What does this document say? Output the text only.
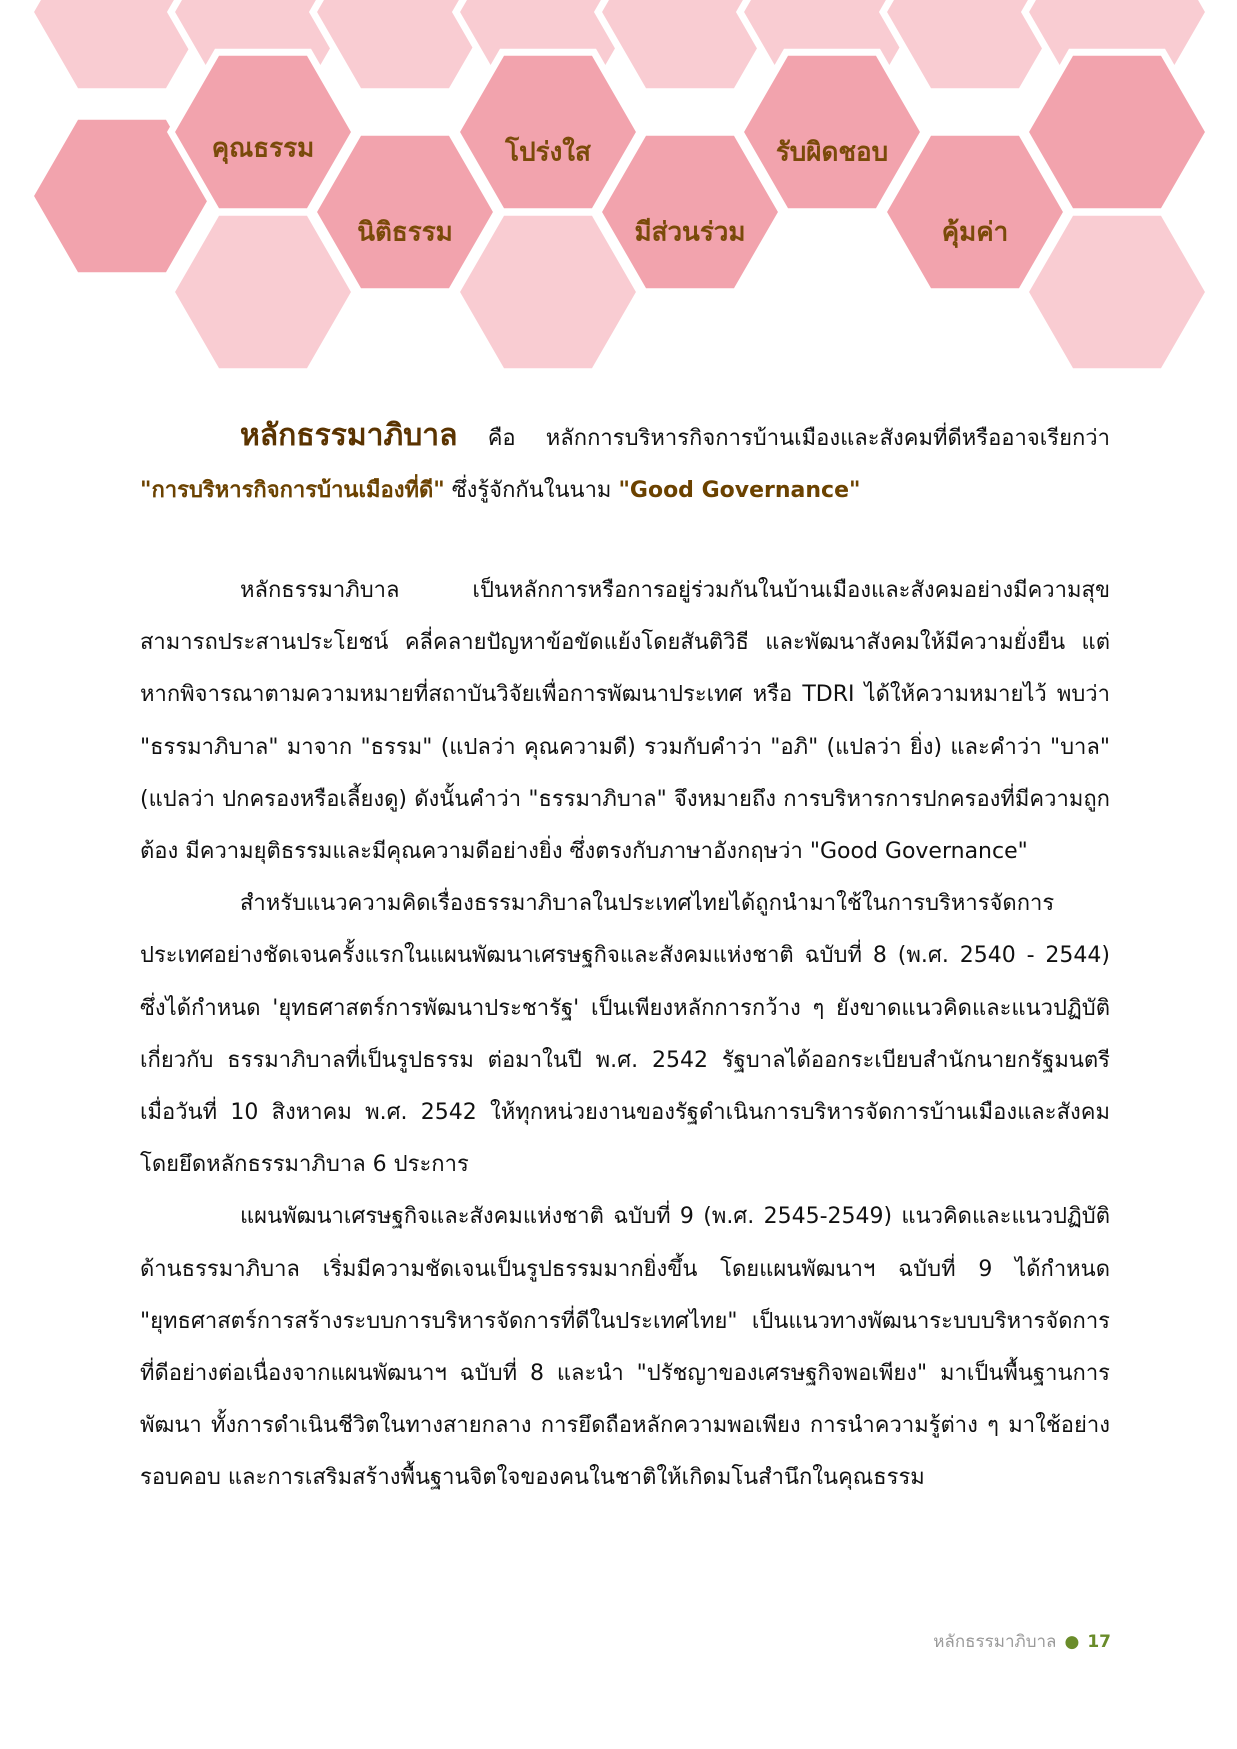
คุณธรรม
นิติธรรม
โปร่งใส
มีส่วนร่วม
รับผิดชอบ
คุ้มค่า
หลักธรรมาภิบาล คือ หลักการบริหารกิจการบ้านเมืองและสังคมที่ดีหรืออาจเรียกว่า
"การบริหารกิจการบ้านเมืองที่ดี" ซึ่งรู้จักกันในนาม "Good Governance"

หลักธรรมาภิบาล เป็นหลักการหรือการอยู่ร่วมกันในบ้านเมืองและสังคมอย่างมีความสุข สามารถประสานประโยชน์ คลี่คลายปัญหาข้อขัดแย้งโดยสันติวิธี และพัฒนาสังคมให้มีความยั่งยืน แต่หากพิจารณาตามความหมายที่สถาบันวิจัยเพื่อการพัฒนาประเทศ หรือ TDRI ได้ให้ความหมายไว้ พบว่า "ธรรมาภิบาล" มาจาก "ธรรม" (แปลว่า คุณความดี) รวมกับคำว่า "อภิ" (แปลว่า ยิ่ง) และคำว่า "บาล" (แปลว่า ปกครองหรือเลี้ยงดู) ดังนั้นคำว่า "ธรรมาภิบาล" จึงหมายถึง การบริหารการปกครองที่มีความถูกต้อง มีความยุติธรรมและมีคุณความดีอย่างยิ่ง ซึ่งตรงกับภาษาอังกฤษว่า "Good Governance"

สำหรับแนวความคิดเรื่องธรรมาภิบาลในประเทศไทยได้ถูกนำมาใช้ในการบริหารจัดการประเทศอย่างชัดเจนครั้งแรกในแผนพัฒนาเศรษฐกิจและสังคมแห่งชาติ ฉบับที่ 8 (พ.ศ. 2540 - 2544) ซึ่งได้กำหนด 'ยุทธศาสตร์การพัฒนาประชารัฐ' เป็นเพียงหลักการกว้าง ๆ ยังขาดแนวคิดและแนวปฏิบัติเกี่ยวกับ ธรรมาภิบาลที่เป็นรูปธรรม ต่อมาในปี พ.ศ. 2542 รัฐบาลได้ออกระเบียบสำนักนายกรัฐมนตรี เมื่อวันที่ 10 สิงหาคม พ.ศ. 2542 ให้ทุกหน่วยงานของรัฐดำเนินการบริหารจัดการบ้านเมืองและสังคมโดยยึดหลักธรรมาภิบาล 6 ประการ

แผนพัฒนาเศรษฐกิจและสังคมแห่งชาติ ฉบับที่ 9 (พ.ศ. 2545-2549) แนวคิดและแนวปฏิบัติด้านธรรมาภิบาล เริ่มมีความชัดเจนเป็นรูปธรรมมากยิ่งขึ้น โดยแผนพัฒนาฯ ฉบับที่ 9 ได้กำหนด "ยุทธศาสตร์การสร้างระบบการบริหารจัดการที่ดีในประเทศไทย" เป็นแนวทางพัฒนาระบบบริหารจัดการที่ดีอย่างต่อเนื่องจากแผนพัฒนาฯ ฉบับที่ 8 และนำ "ปรัชญาของเศรษฐกิจพอเพียง" มาเป็นพื้นฐานการพัฒนา ทั้งการดำเนินชีวิตในทางสายกลาง การยึดถือหลักความพอเพียง การนำความรู้ต่าง ๆ มาใช้อย่างรอบคอบ และการเสริมสร้างพื้นฐานจิตใจของคนในชาติให้เกิดมโนสำนึกในคุณธรรม

หลักธรรมาภิบาล ● 17
